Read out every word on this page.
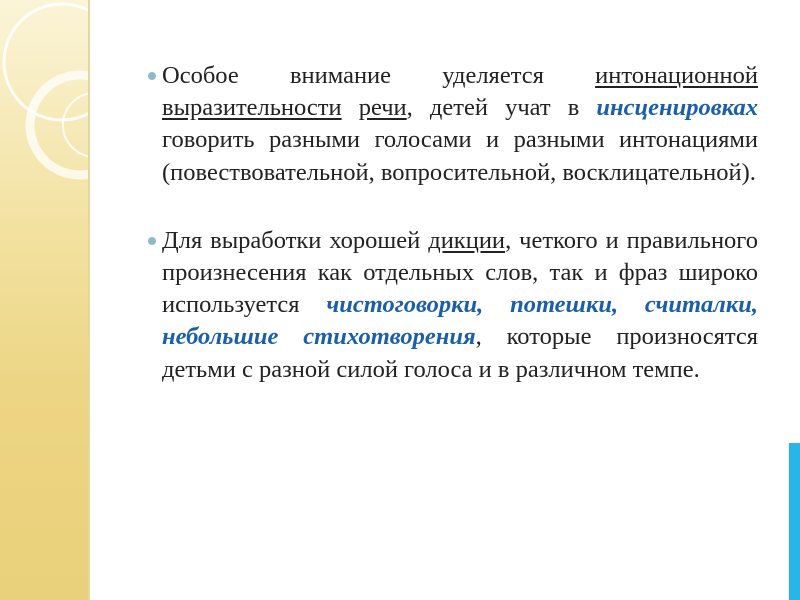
Особое внимание уделяется интонационной выразительности речи, детей учат в инсценировках говорить разными голосами и разными интонациями (повествовательной, вопросительной, восклицательной).
Для выработки хорошей дикции, четкого и правильного произнесения как отдельных слов, так и фраз широко используется чистоговорки, потешки, считалки, небольшие стихотворения, которые произносятся детьми с разной силой голоса и в различном темпе.
